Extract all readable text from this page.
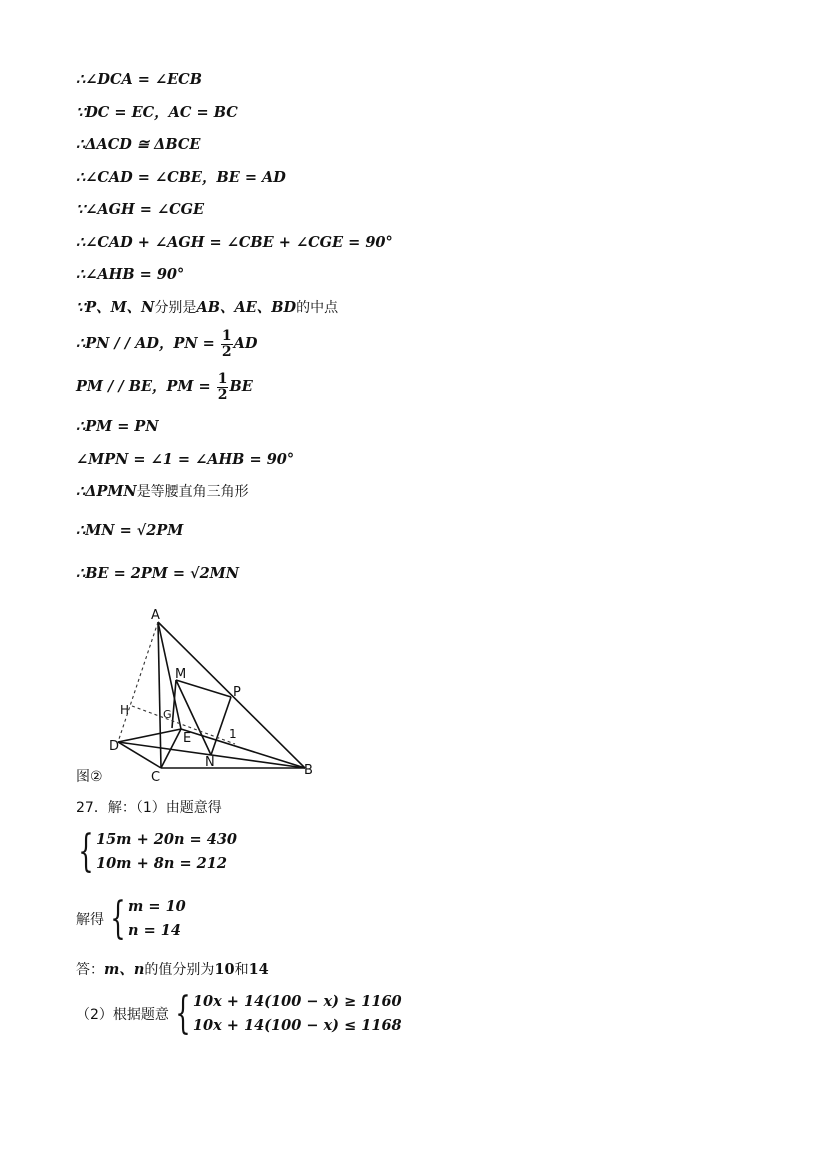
∴∠DCA = ∠ECB
∵DC = EC，AC = BC
∴ΔACD ≅ ΔBCE
∴∠CAD = ∠CBE，BE = AD
∵∠AGH = ∠CGE
∴∠CAD + ∠AGH = ∠CBE + ∠CGE = 90°
∴∠AHB = 90°
∵P、M、N分别是AB、AE、BD的中点
∴PN / / AD，PN = $\frac{1}{2}$ AD
PM / / BE，PM = $\frac{1}{2}$ BE
∴PM = PN
∠MPN = ∠1 = ∠AHB = 90°
∴ΔPMN是等腰直角三角形
∴MN = √2PM
∴BE = 2PM = √2MN
A
M
P
H	G
E	1
D
N
C	B
图②
27．解：（1）由题意得
{ 15m + 20n = 430
10m + 8n = 212
解得 { m = 10
n = 14
答：m、n的值分别为10和14
（2）根据题意 { 10x + 14(100 − x) ≥ 1160
10x + 14(100 − x) ≤ 1168
